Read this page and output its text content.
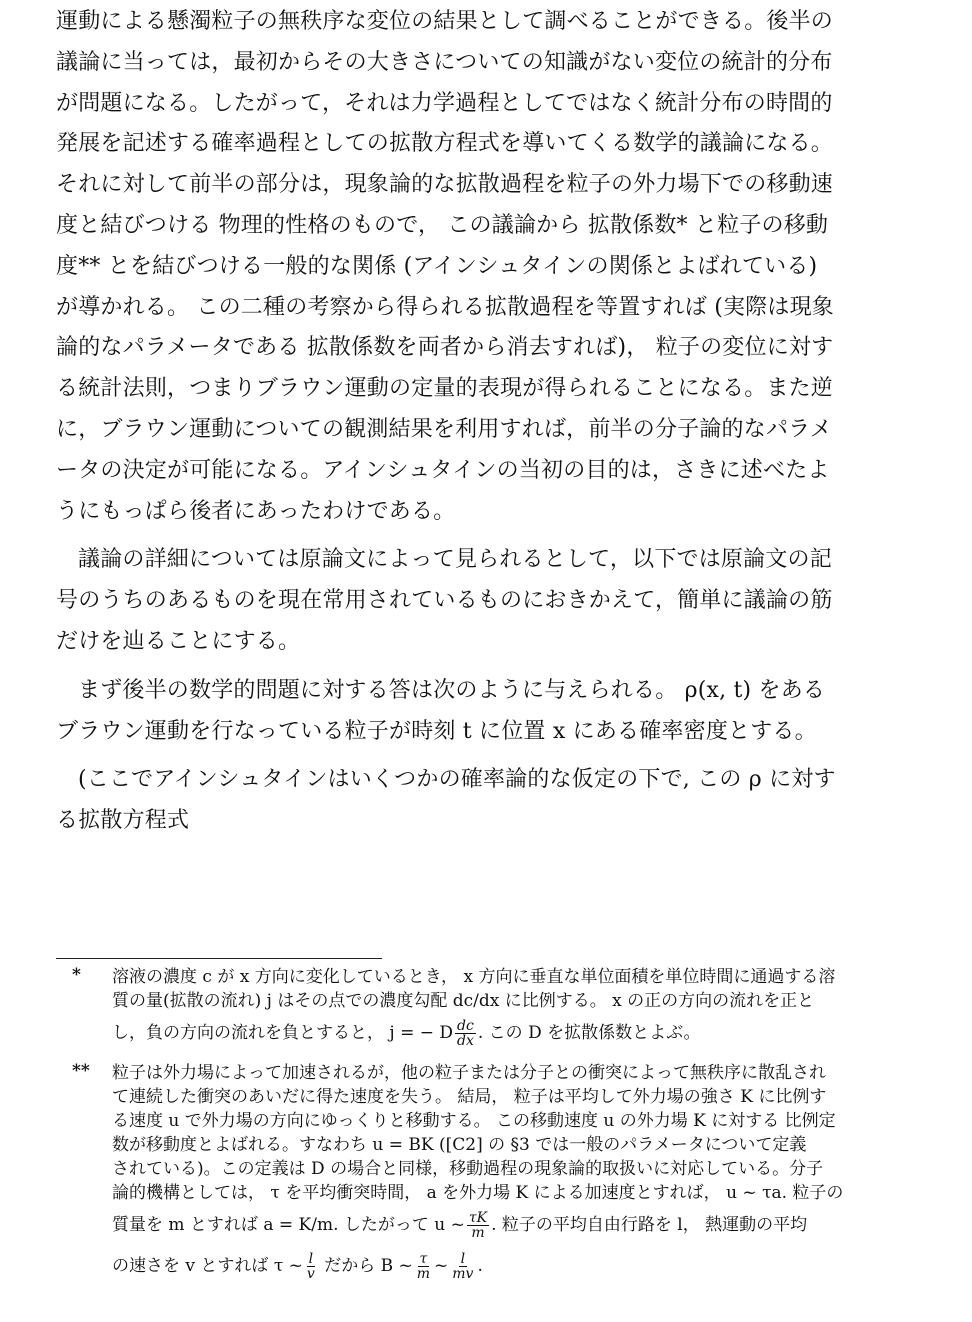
運動による懸濁粒子の無秩序な変位の結果として調べることができる。後半の
議論に当っては，最初からその大きさについての知識がない変位の統計的分布
が問題になる。したがって，それは力学過程としてではなく統計分布の時間的
発展を記述する確率過程としての拡散方程式を導いてくる数学的議論になる。
それに対して前半の部分は，現象論的な拡散過程を粒子の外力場下での移動速
度と結びつける 物理的性格のもので， この議論から 拡散係数* と粒子の移動
度** とを結びつける一般的な関係 (アインシュタインの関係とよばれている)
が導かれる。 この二種の考察から得られる拡散過程を等置すれば (実際は現象
論的なパラメータである 拡散係数を両者から消去すれば)， 粒子の変位に対す
る統計法則，つまりブラウン運動の定量的表現が得られることになる。また逆
に，ブラウン運動についての観測結果を利用すれば，前半の分子論的なパラメ
ータの決定が可能になる。アインシュタインの当初の目的は，さきに述べたよ
うにもっぱら後者にあったわけである。
議論の詳細については原論文によって見られるとして，以下では原論文の記
号のうちのあるものを現在常用されているものにおきかえて，簡単に議論の筋
だけを辿ることにする。
まず後半の数学的問題に対する答は次のように与えられる。 ρ(x, t) をある
ブラウン運動を行なっている粒子が時刻 t に位置 x にある確率密度とする。
(ここでアインシュタインはいくつかの確率論的な仮定の下で, この ρ に対す
る拡散方程式
* 溶液の濃度 c が x 方向に変化しているとき， x 方向に垂直な単位面積を単位時間に通過する溶
質の量(拡散の流れ) j はその点での濃度勾配 dc/dx に比例する。 x の正の方向の流れを正と
し，負の方向の流れを負とすると， j = − D $\frac{dc}{dx}$ . この D を拡散係数とよぶ。
** 粒子は外力場によって加速されるが，他の粒子または分子との衝突によって無秩序に散乱され
て連続した衝突のあいだに得た速度を失う。 結局， 粒子は平均して外力場の強さ K に比例す
る速度 u で外力場の方向にゆっくりと移動する。 この移動速度 u の外力場 K に対する 比例定
数が移動度とよばれる。すなわち u = BK ([C2] の §3 では一般のパラメータについて定義
されている)。この定義は D の場合と同様，移動過程の現象論的取扱いに対応している。分子
論的機構としては， τ を平均衝突時間， a を外力場 K による加速度とすれば， u ~ τa. 粒子の
質量を m とすれば a = K/m. したがって u ~ $\frac{\tau K}{m}$ . 粒子の平均自由行路を l， 熱運動の平均
の速さを v とすれば τ ~ $\frac{l}{v}$ だから B ~ $\frac{\tau}{m}$ ~ $\frac{l}{mv}$ .
